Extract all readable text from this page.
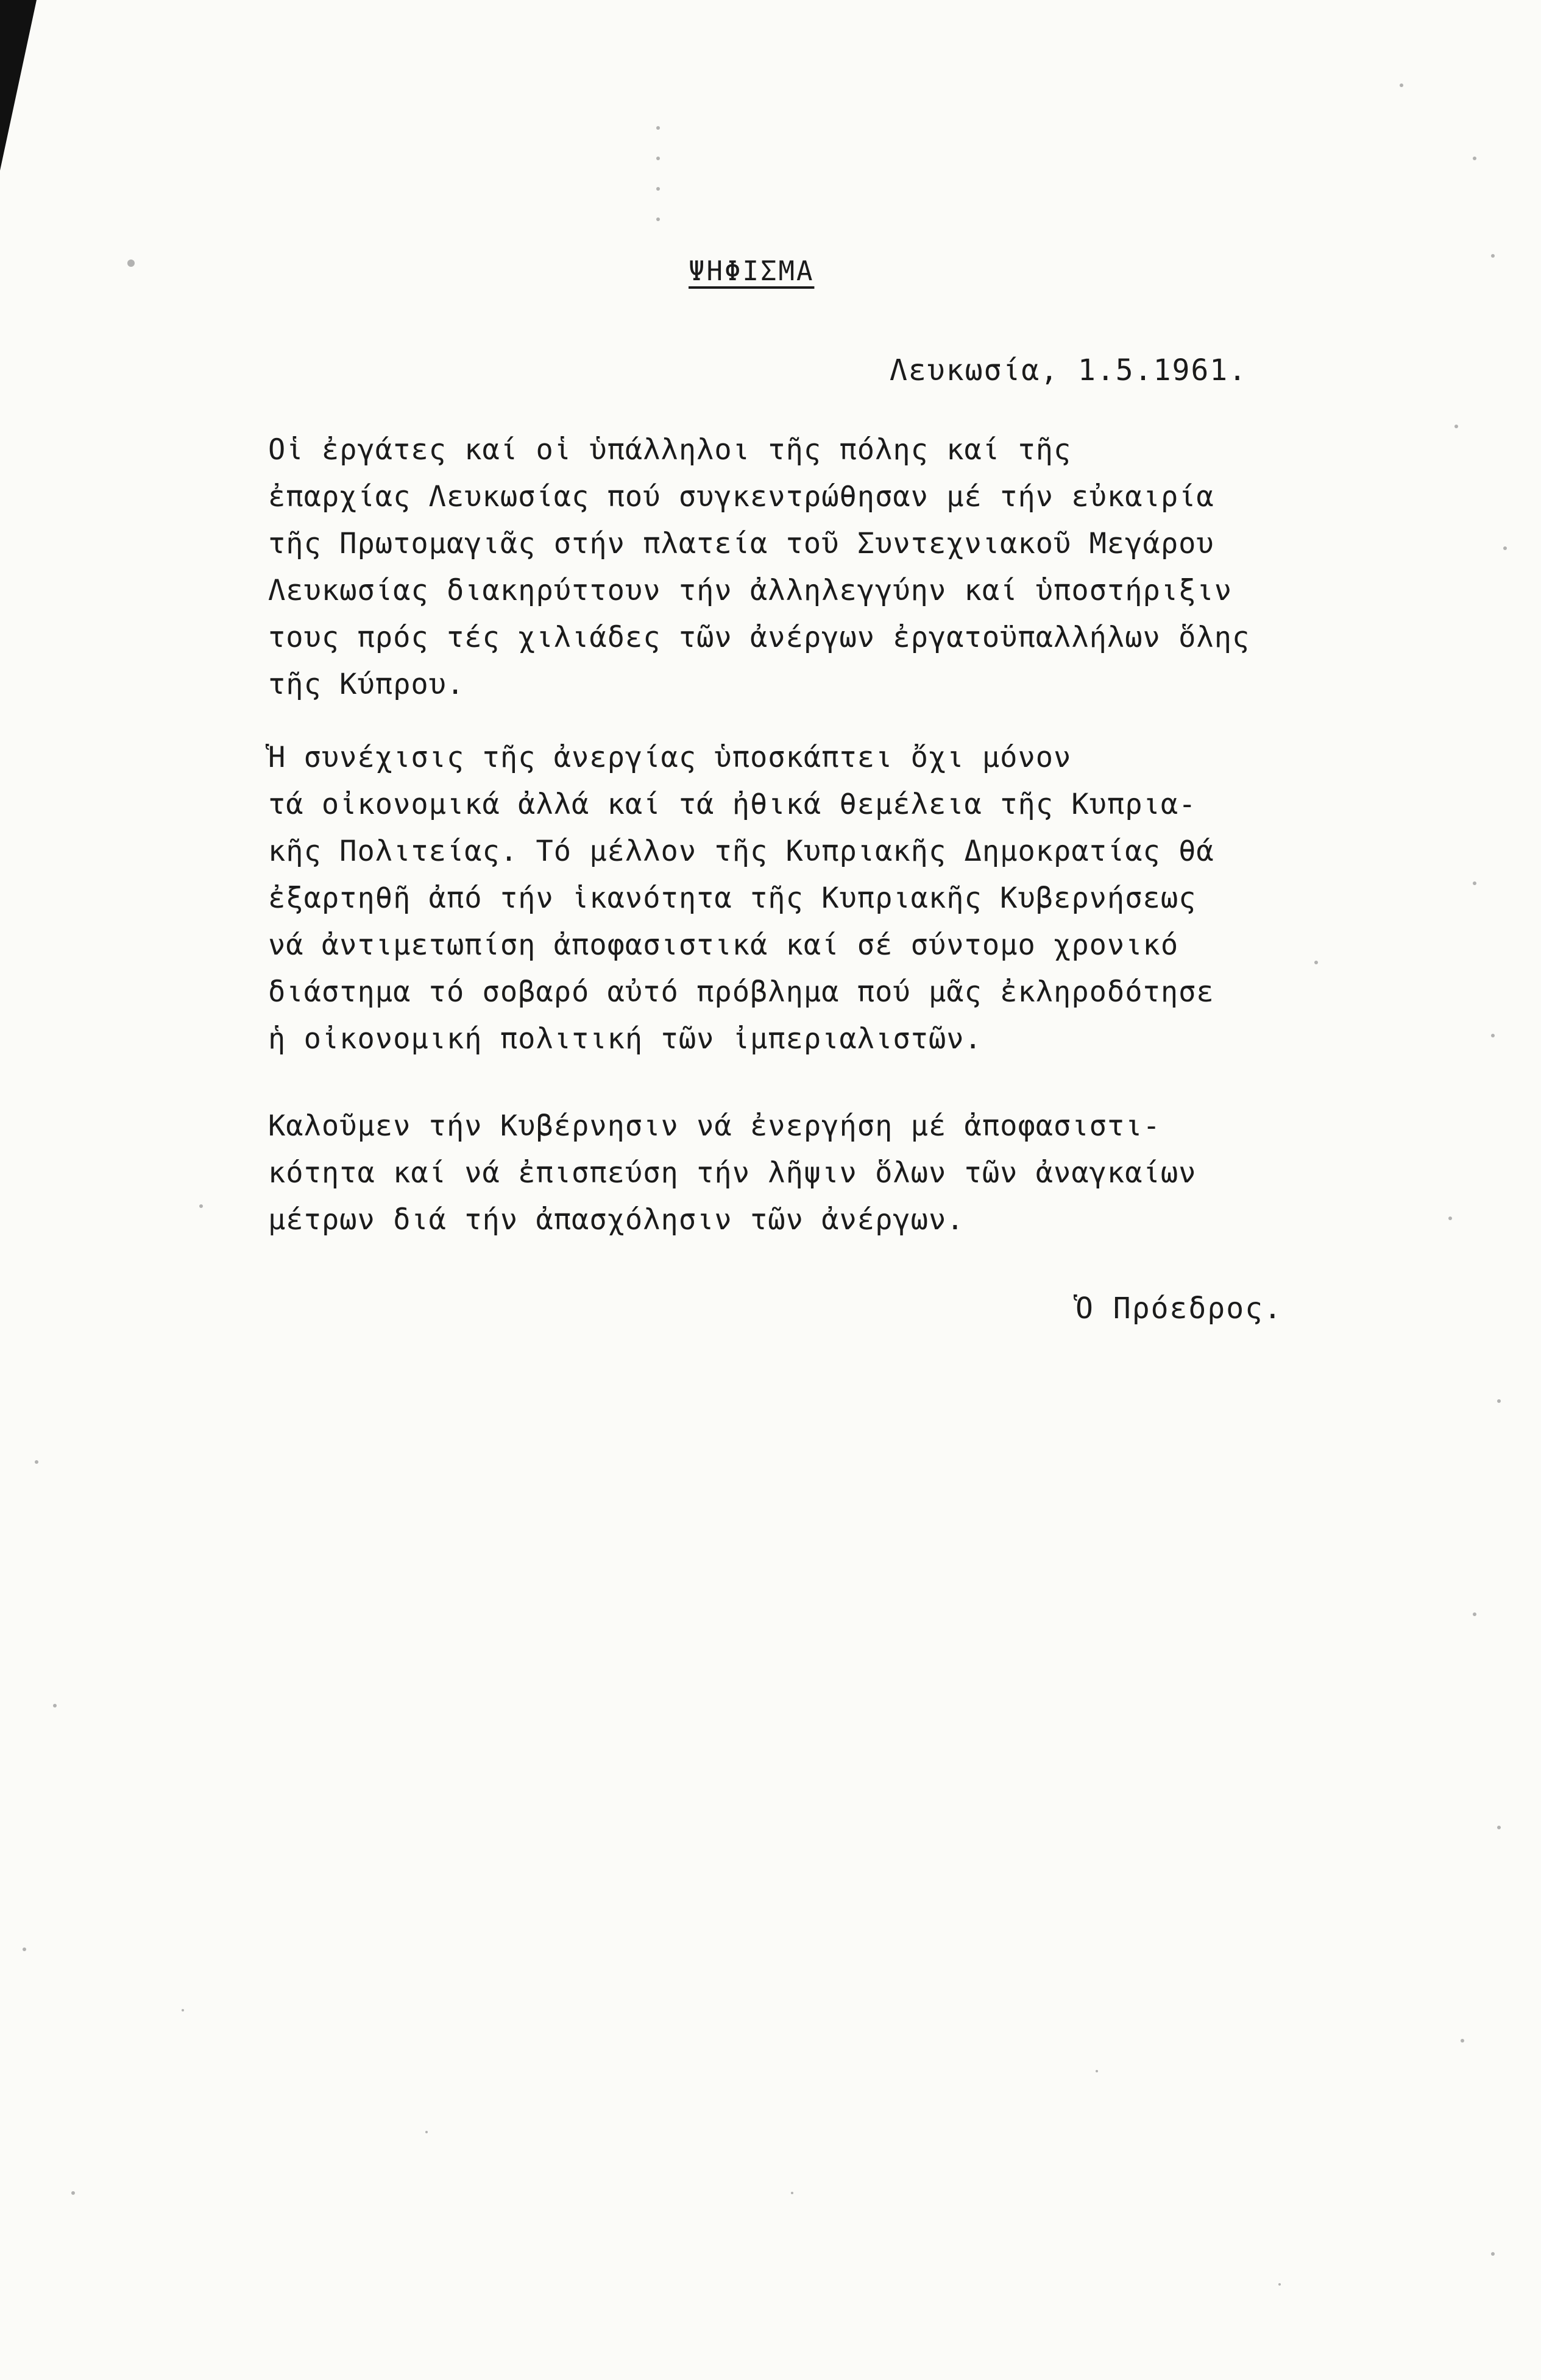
ΨΗΦΙΣΜΑ
Λευκωσία, 1.5.1961.
Οἱ ἐργάτες καί οἱ ὑπάλληλοι τῆς πόλης καί τῆς
ἐπαρχίας Λευκωσίας πού συγκεντρώθησαν μέ τήν εὐκαιρία
τῆς Πρωτομαγιᾶς στήν πλατεία τοῦ Συντεχνιακοῦ Μεγάρου
Λευκωσίας διακηρύττουν τήν ἀλληλεγγύην καί ὑποστήριξιν
τους πρός τές χιλιάδες τῶν ἀνέργων ἐργατοϋπαλλήλων ὅλης
τῆς Κύπρου.
Ἡ συνέχισις τῆς ἀνεργίας ὑποσκάπτει ὄχι μόνον
τά οἰκονομικά ἀλλά καί τά ἠθικά θεμέλεια τῆς Κυπρια-
κῆς Πολιτείας. Τό μέλλον τῆς Κυπριακῆς Δημοκρατίας θά
ἐξαρτηθῆ ἀπό τήν ἱκανότητα τῆς Κυπριακῆς Κυβερνήσεως
νά ἀντιμετωπίση ἀποφασιστικά καί σέ σύντομο χρονικό
διάστημα τό σοβαρό αὐτό πρόβλημα πού μᾶς ἐκληροδότησε
ἡ οἰκονομική πολιτική τῶν ἰμπεριαλιστῶν.
Καλοῦμεν τήν Κυβέρνησιν νά ἐνεργήση μέ ἀποφασιστι-
κότητα καί νά ἐπισπεύση τήν λῆψιν ὅλων τῶν ἀναγκαίων
μέτρων διά τήν ἀπασχόλησιν τῶν ἀνέργων.
Ὁ Πρόεδρος.
